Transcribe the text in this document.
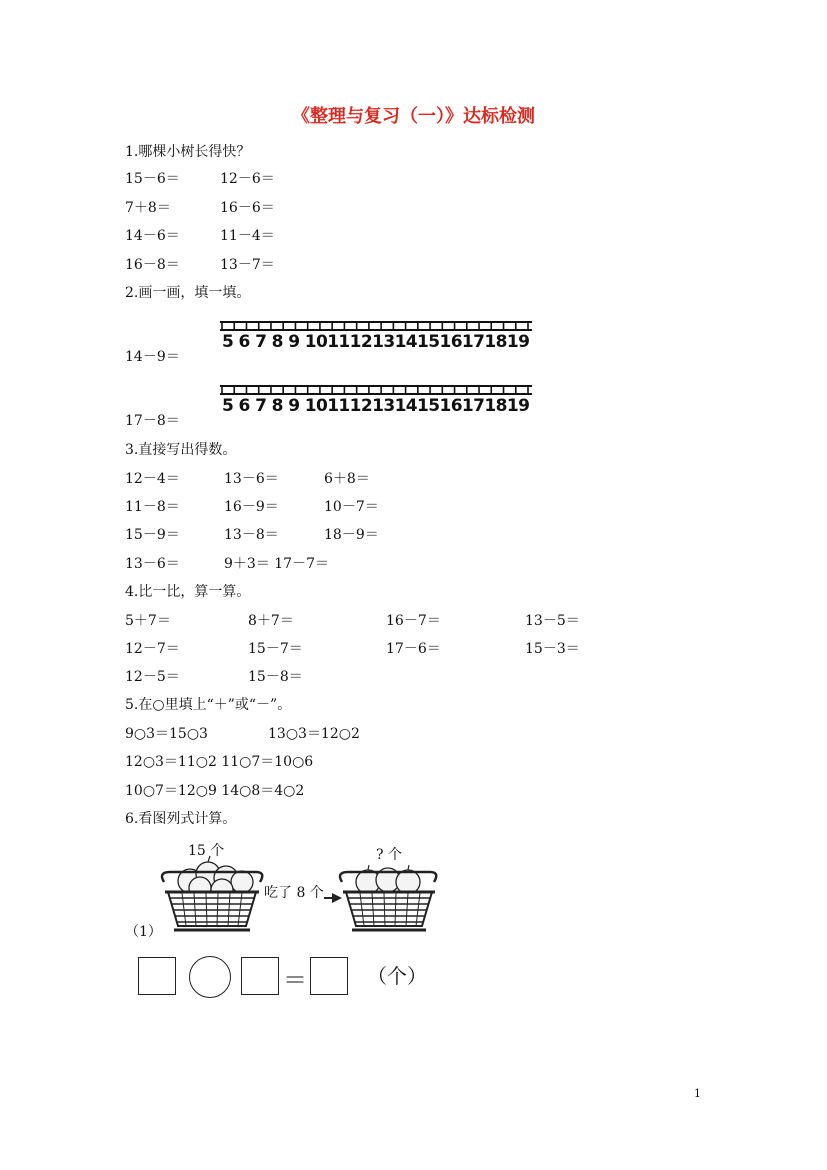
《整理与复习（一）》达标检测
1.哪棵小树长得快？
15－6＝	12－6＝
7＋8＝	16－6＝
14－6＝	11－4＝
16－8＝	13－7＝
2.画一画，填一填。
5 6 7 8 9 10111213141516171819
14－9＝
5 6 7 8 9 10111213141516171819
17－8＝
3.直接写出得数。
12－4＝	13－6＝	6＋8＝
11－8＝	16－9＝	10－7＝
15－9＝	13－8＝	18－9＝
13－6＝	9＋3＝ 17－7＝
4.比一比，算一算。
5＋7＝	8＋7＝	16－7＝	13－5＝
12－7＝	15－7＝	17－6＝	15－3＝
12－5＝	15－8＝
5.在○里填上“＋”或“－”。
9○3＝15○3	13○3＝12○2
12○3＝11○2 11○7＝10○6
10○7＝12○9 14○8＝4○2
6.看图列式计算。
15 个	? 个
吃了 8 个
（1）
＝	（个）
1
